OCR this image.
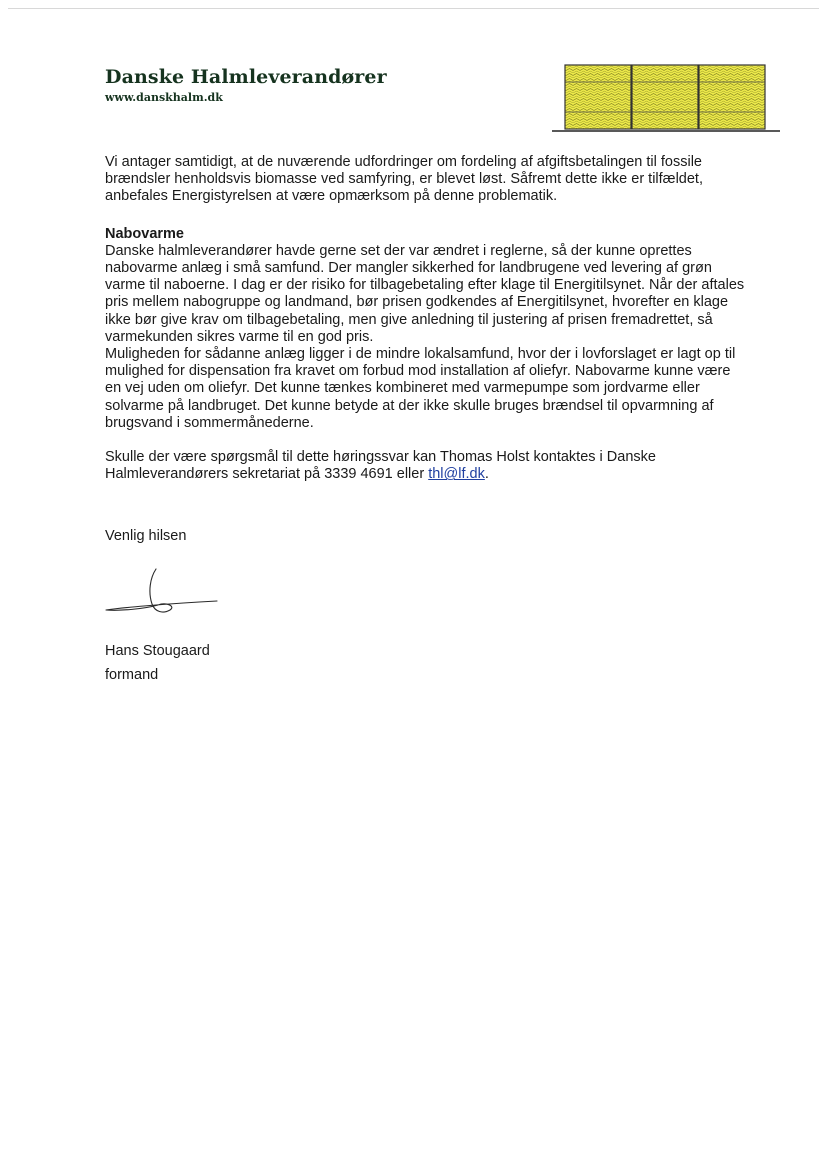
Danske Halmleverandører
www.danskhalm.dk

Vi antager samtidigt, at de nuværende udfordringer om fordeling af afgiftsbetalingen til fossile brændsler henholdsvis biomasse ved samfyring, er blevet løst. Såfremt dette ikke er tilfældet, anbefales Energistyrelsen at være opmærksom på denne problematik.

Nabovarme

Danske halmleverandører havde gerne set der var ændret i reglerne, så der kunne oprettes nabovarme anlæg i små samfund. Der mangler sikkerhed for landbrugene ved levering af grøn varme til naboerne. I dag er der risiko for tilbagebetaling efter klage til Energitilsynet. Når der aftales pris mellem nabogruppe og landmand, bør prisen godkendes af Energitilsynet, hvorefter en klage ikke bør give krav om tilbagebetaling, men give anledning til justering af prisen fremadrettet, så varmekunden sikres varme til en god pris.

Muligheden for sådanne anlæg ligger i de mindre lokalsamfund, hvor der i lovforslaget er lagt op til mulighed for dispensation fra kravet om forbud mod installation af oliefyr. Nabovarme kunne være en vej uden om oliefyr. Det kunne tænkes kombineret med varmepumpe som jordvarme eller solvarme på landbruget. Det kunne betyde at der ikke skulle bruges brændsel til opvarmning af brugsvand i sommermånederne.

Skulle der være spørgsmål til dette høringssvar kan Thomas Holst kontaktes i Danske Halmleverandørers sekretariat på 3339 4691 eller thl@lf.dk.

Venlig hilsen
Hans Stougaard
formand
